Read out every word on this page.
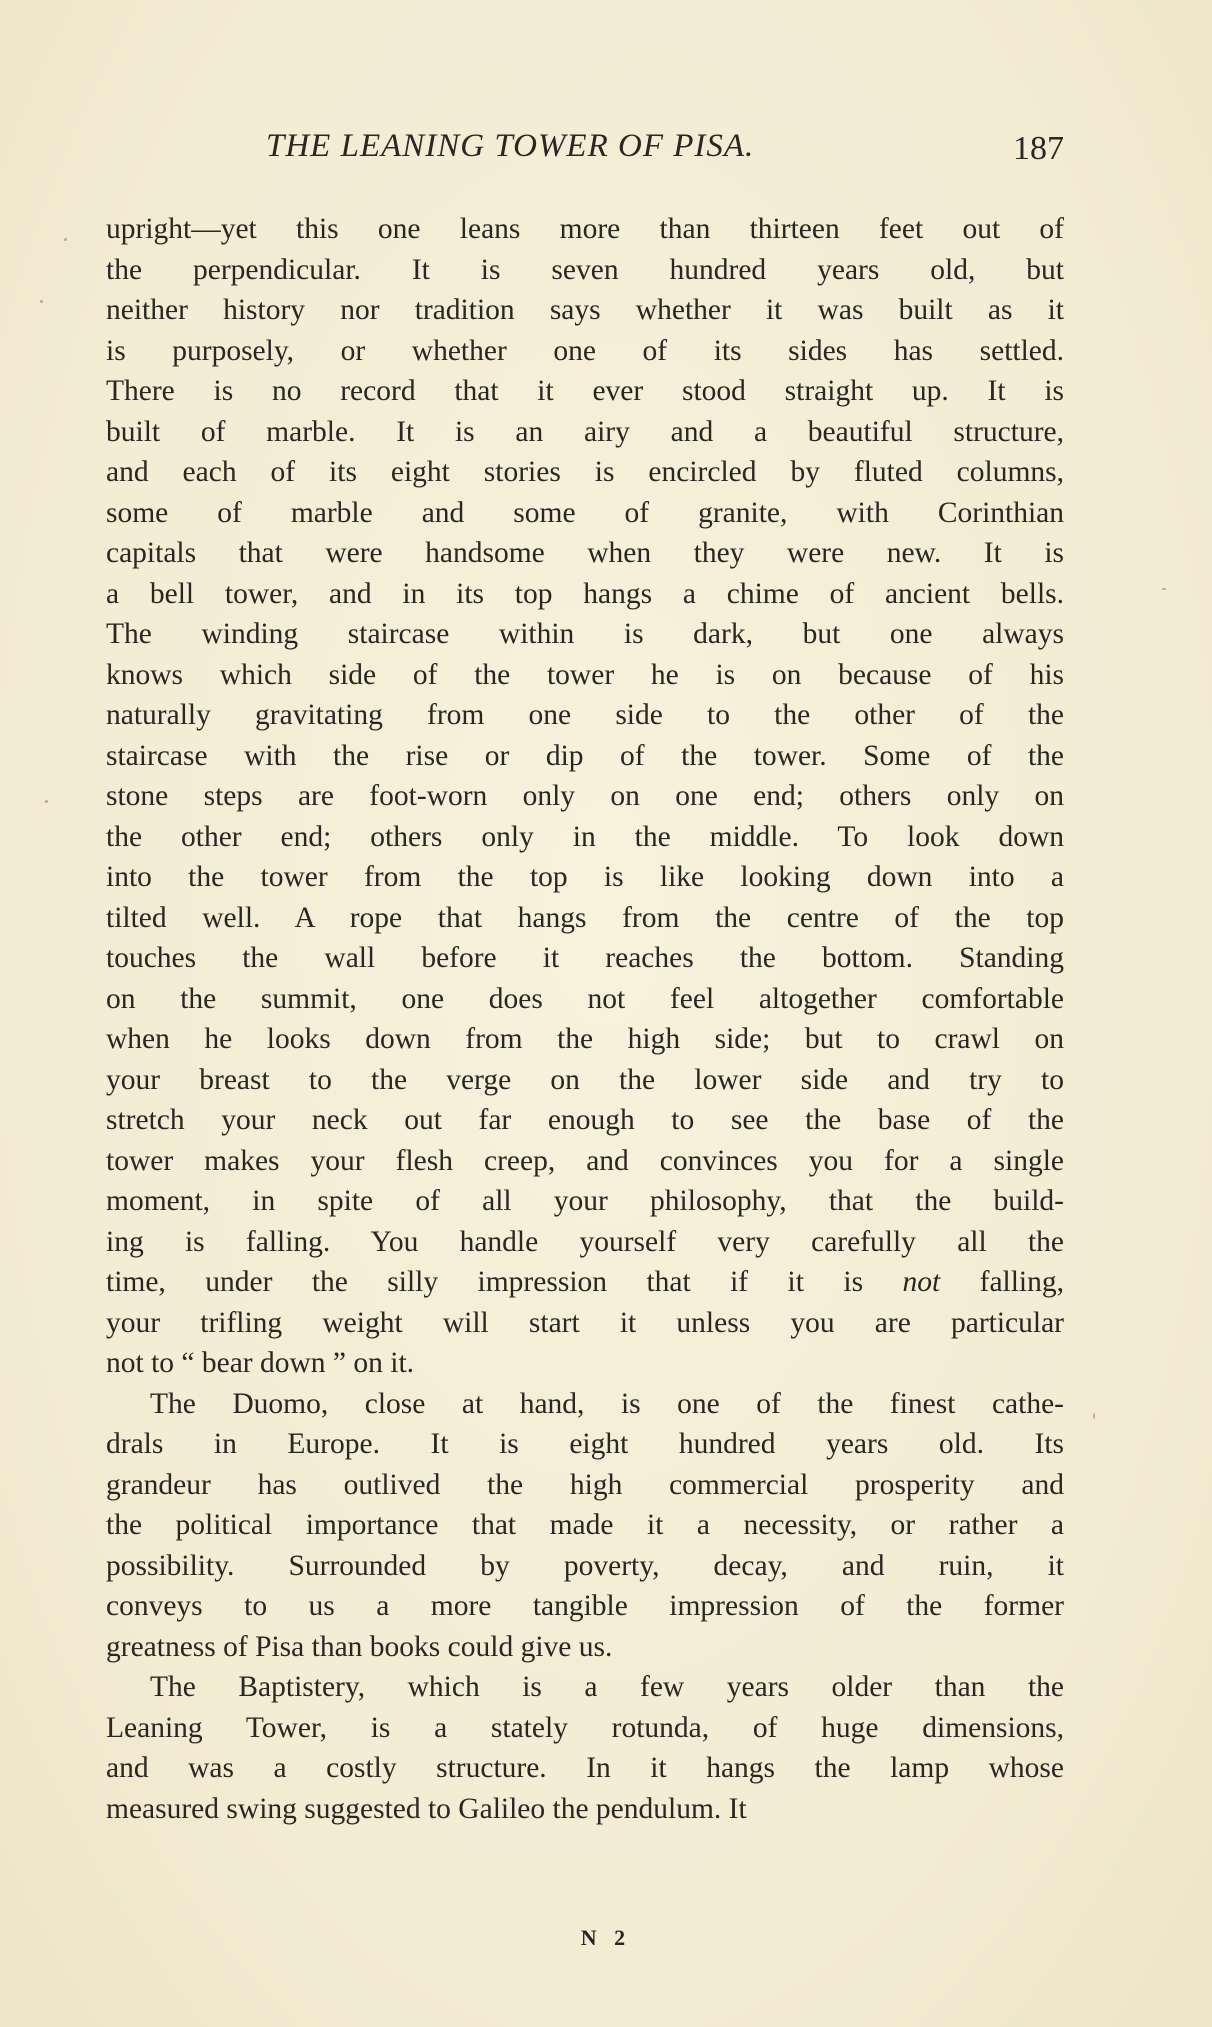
THE LEANING TOWER OF PISA.	187
upright—yet this one leans more than thirteen feet out of
the perpendicular. It is seven hundred years old, but
neither history nor tradition says whether it was built as it
is purposely, or whether one of its sides has settled.
There is no record that it ever stood straight up. It is
built of marble. It is an airy and a beautiful structure,
and each of its eight stories is encircled by fluted columns,
some of marble and some of granite, with Corinthian
capitals that were handsome when they were new. It is
a bell tower, and in its top hangs a chime of ancient bells.
The winding staircase within is dark, but one always
knows which side of the tower he is on because of his
naturally gravitating from one side to the other of the
staircase with the rise or dip of the tower. Some of the
stone steps are foot-worn only on one end; others only on
the other end; others only in the middle. To look down
into the tower from the top is like looking down into a
tilted well. A rope that hangs from the centre of the top
touches the wall before it reaches the bottom. Standing
on the summit, one does not feel altogether comfortable
when he looks down from the high side; but to crawl on
your breast to the verge on the lower side and try to
stretch your neck out far enough to see the base of the
tower makes your flesh creep, and convinces you for a single
moment, in spite of all your philosophy, that the build-
ing is falling. You handle yourself very carefully all the
time, under the silly impression that if it is not falling,
your trifling weight will start it unless you are particular
not to “ bear down ” on it.
The Duomo, close at hand, is one of the finest cathe-
drals in Europe. It is eight hundred years old. Its
grandeur has outlived the high commercial prosperity and
the political importance that made it a necessity, or rather a
possibility. Surrounded by poverty, decay, and ruin, it
conveys to us a more tangible impression of the former
greatness of Pisa than books could give us.
The Baptistery, which is a few years older than the
Leaning Tower, is a stately rotunda, of huge dimensions,
and was a costly structure. In it hangs the lamp whose
measured swing suggested to Galileo the pendulum. It
N 2
